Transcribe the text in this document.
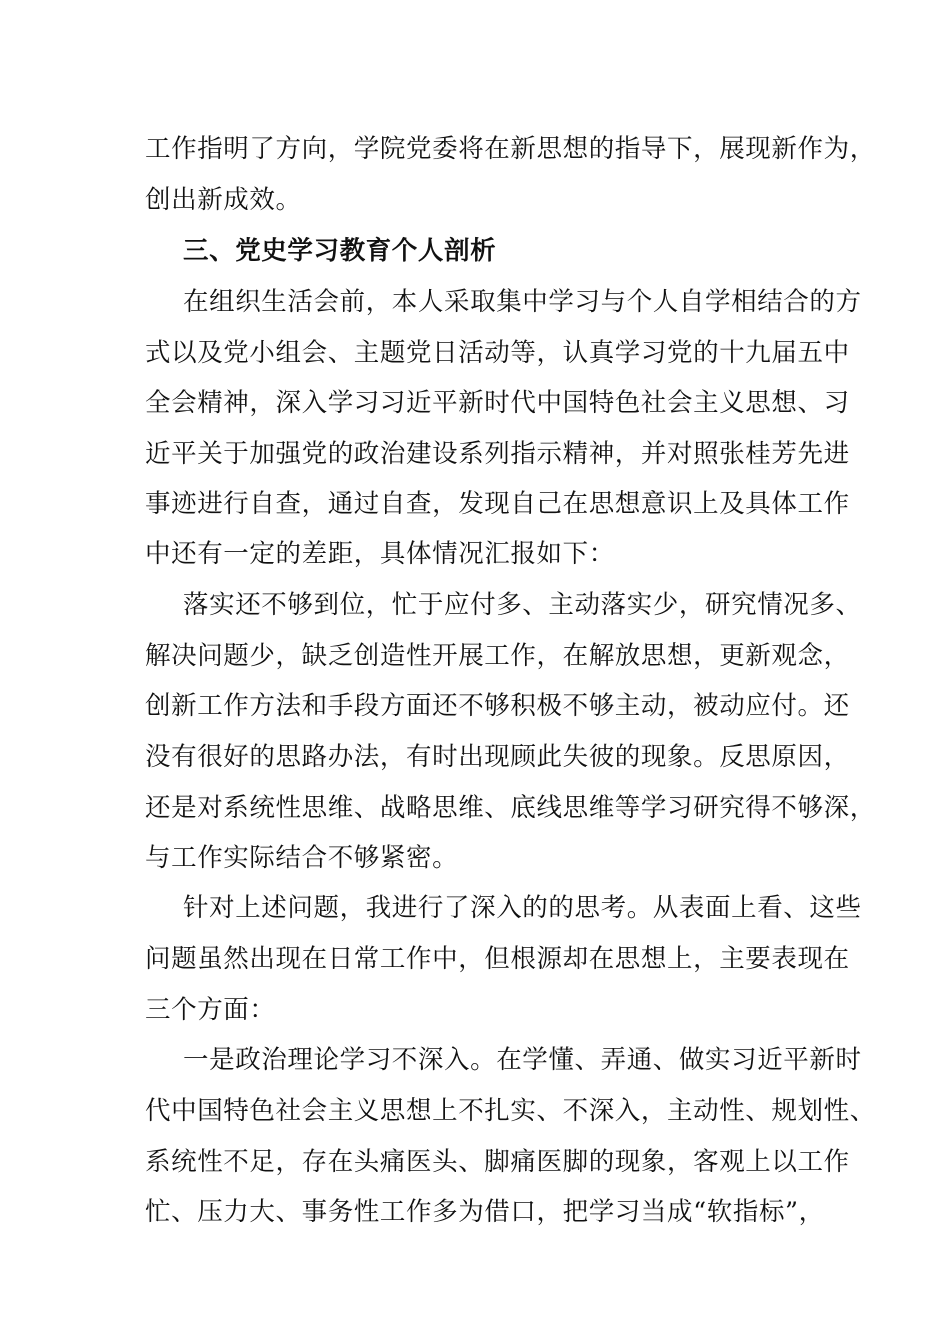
工作指明了方向，学院党委将在新思想的指导下，展现新作为，
创出新成效。
三、党史学习教育个人剖析
在组织生活会前，本人采取集中学习与个人自学相结合的方
式以及党小组会、主题党日活动等，认真学习党的十九届五中
全会精神，深入学习习近平新时代中国特色社会主义思想、习
近平关于加强党的政治建设系列指示精神，并对照张桂芳先进
事迹进行自查，通过自查，发现自己在思想意识上及具体工作
中还有一定的差距，具体情况汇报如下：
落实还不够到位，忙于应付多、主动落实少，研究情况多、
解决问题少，缺乏创造性开展工作，在解放思想，更新观念，
创新工作方法和手段方面还不够积极不够主动，被动应付。还
没有很好的思路办法，有时出现顾此失彼的现象。反思原因，
还是对系统性思维、战略思维、底线思维等学习研究得不够深，
与工作实际结合不够紧密。
针对上述问题，我进行了深入的的思考。从表面上看、这些
问题虽然出现在日常工作中，但根源却在思想上，主要表现在
三个方面：
一是政治理论学习不深入。在学懂、弄通、做实习近平新时
代中国特色社会主义思想上不扎实、不深入，主动性、规划性、
系统性不足，存在头痛医头、脚痛医脚的现象，客观上以工作
忙、压力大、事务性工作多为借口，把学习当成“软指标”，
